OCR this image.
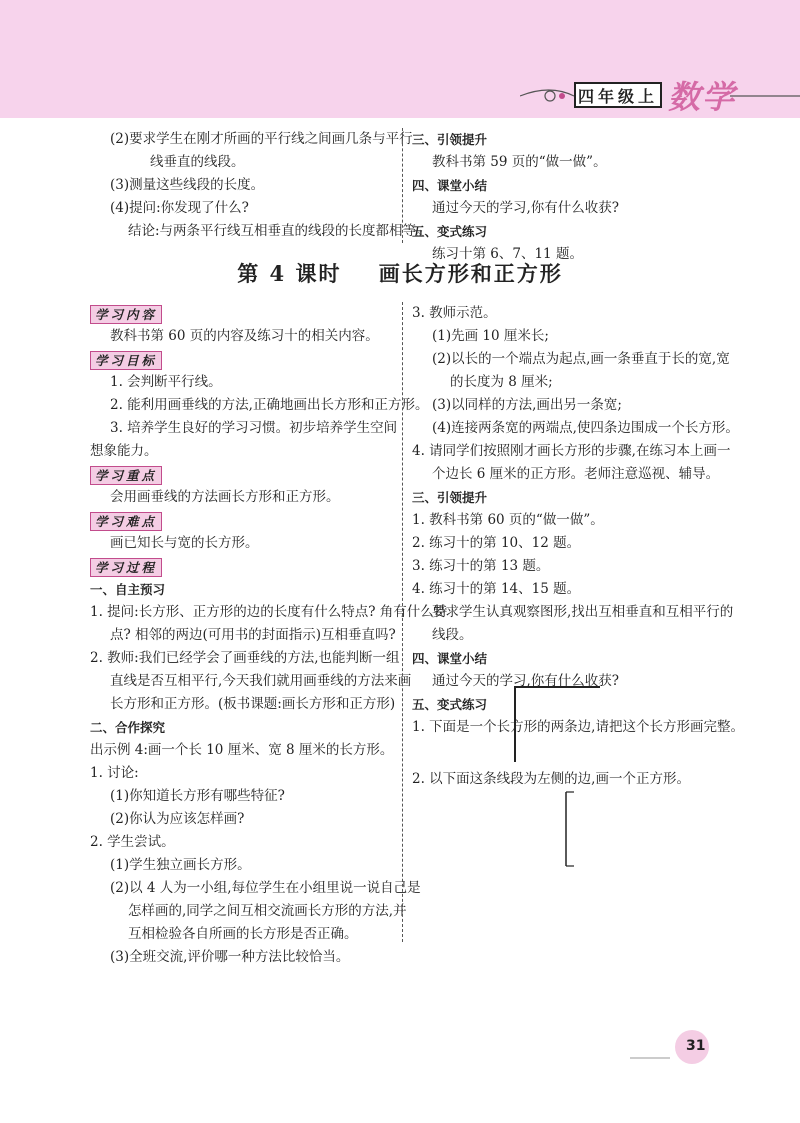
四年级上 数学

(2)要求学生在刚才所画的平行线之间画几条与平行

线垂直的线段。

(3)测量这些线段的长度。

(4)提问:你发现了什么?

结论:与两条平行线互相垂直的线段的长度都相等。

三、引领提升

教科书第 59 页的“做一做”。

四、课堂小结

通过今天的学习,你有什么收获?

五、变式练习

练习十第 6、7、11 题。

第 4 课时    画长方形和正方形
学习内容

教科书第 60 页的内容及练习十的相关内容。

学习目标

1. 会判断平行线。

2. 能利用画垂线的方法,正确地画出长方形和正方形。

3. 培养学生良好的学习习惯。初步培养学生空间

想象能力。

学习重点

会用画垂线的方法画长方形和正方形。

学习难点

画已知长与宽的长方形。

学习过程

一、自主预习

1. 提问:长方形、正方形的边的长度有什么特点? 角有什么特

点? 相邻的两边(可用书的封面指示)互相垂直吗?

2. 教师:我们已经学会了画垂线的方法,也能判断一组

直线是否互相平行,今天我们就用画垂线的方法来画

长方形和正方形。(板书课题:画长方形和正方形)

二、合作探究

出示例 4:画一个长 10 厘米、宽 8 厘米的长方形。

1. 讨论:

(1)你知道长方形有哪些特征?

(2)你认为应该怎样画?

2. 学生尝试。

(1)学生独立画长方形。

(2)以 4 人为一小组,每位学生在小组里说一说自己是

怎样画的,同学之间互相交流画长方形的方法,并

互相检验各自所画的长方形是否正确。

(3)全班交流,评价哪一种方法比较恰当。

3. 教师示范。

(1)先画 10 厘米长;

(2)以长的一个端点为起点,画一条垂直于长的宽,宽

的长度为 8 厘米;

(3)以同样的方法,画出另一条宽;

(4)连接两条宽的两端点,使四条边围成一个长方形。

4. 请同学们按照刚才画长方形的步骤,在练习本上画一

个边长 6 厘米的正方形。老师注意巡视、辅导。

三、引领提升

1. 教科书第 60 页的“做一做”。

2. 练习十的第 10、12 题。

3. 练习十的第 13 题。

4. 练习十的第 14、15 题。

要求学生认真观察图形,找出互相垂直和互相平行的

线段。

四、课堂小结

通过今天的学习,你有什么收获?

五、变式练习

1. 下面是一个长方形的两条边,请把这个长方形画完整。

2. 以下面这条线段为左侧的边,画一个正方形。

31
